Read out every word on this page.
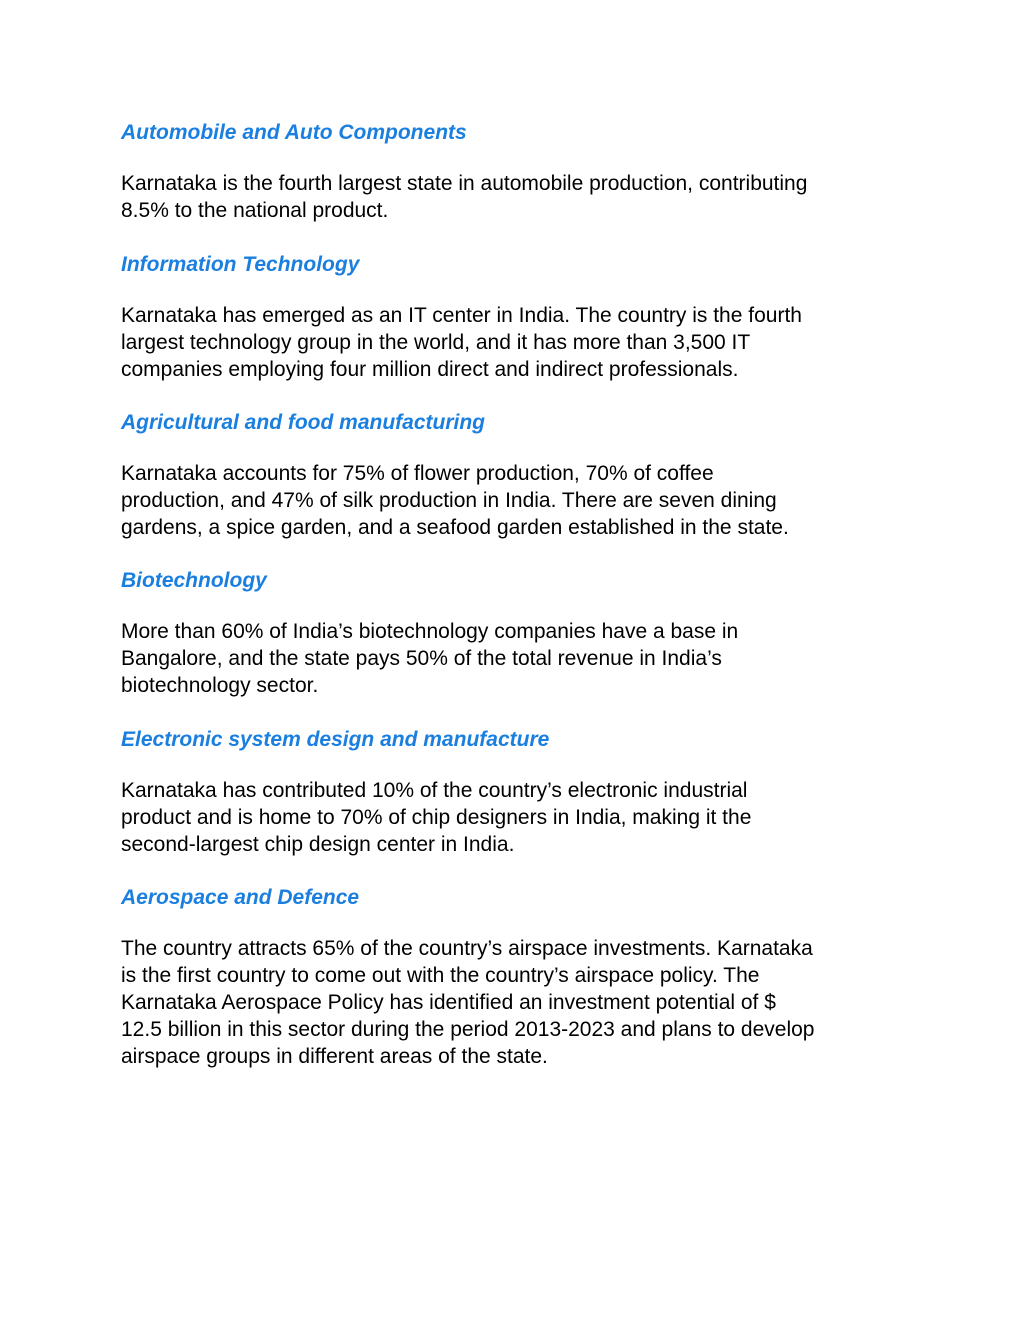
Automobile and Auto Components

Karnataka is the fourth largest state in automobile production, contributing
8.5% to the national product.

Information Technology

Karnataka has emerged as an IT center in India. The country is the fourth
largest technology group in the world, and it has more than 3,500 IT
companies employing four million direct and indirect professionals.

Agricultural and food manufacturing

Karnataka accounts for 75% of flower production, 70% of coffee
production, and 47% of silk production in India. There are seven dining
gardens, a spice garden, and a seafood garden established in the state.

Biotechnology

More than 60% of India’s biotechnology companies have a base in
Bangalore, and the state pays 50% of the total revenue in India’s
biotechnology sector.

Electronic system design and manufacture

Karnataka has contributed 10% of the country’s electronic industrial
product and is home to 70% of chip designers in India, making it the
second-largest chip design center in India.

Aerospace and Defence

The country attracts 65% of the country’s airspace investments. Karnataka
is the first country to come out with the country’s airspace policy. The
Karnataka Aerospace Policy has identified an investment potential of $
12.5 billion in this sector during the period 2013-2023 and plans to develop
airspace groups in different areas of the state.
